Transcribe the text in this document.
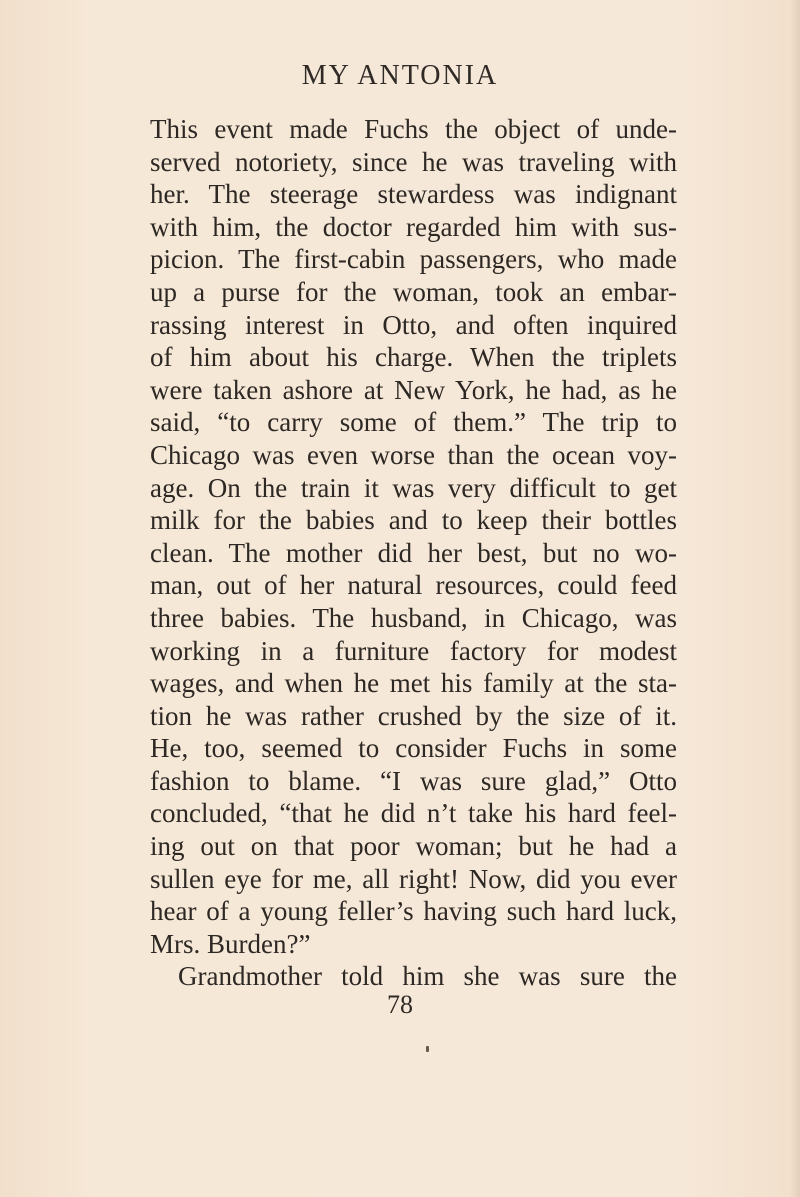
MY ANTONIA
This event made Fuchs the object of unde-
served notoriety, since he was traveling with
her. The steerage stewardess was indignant
with him, the doctor regarded him with sus-
picion. The first-cabin passengers, who made
up a purse for the woman, took an embar-
rassing interest in Otto, and often inquired
of him about his charge. When the triplets
were taken ashore at New York, he had, as he
said, “to carry some of them.” The trip to
Chicago was even worse than the ocean voy-
age. On the train it was very difficult to get
milk for the babies and to keep their bottles
clean. The mother did her best, but no wo-
man, out of her natural resources, could feed
three babies. The husband, in Chicago, was
working in a furniture factory for modest
wages, and when he met his family at the sta-
tion he was rather crushed by the size of it.
He, too, seemed to consider Fuchs in some
fashion to blame. “I was sure glad,” Otto
concluded, “that he did n’t take his hard feel-
ing out on that poor woman; but he had a
sullen eye for me, all right! Now, did you ever
hear of a young feller’s having such hard luck,
Mrs. Burden?”
Grandmother told him she was sure the
78
